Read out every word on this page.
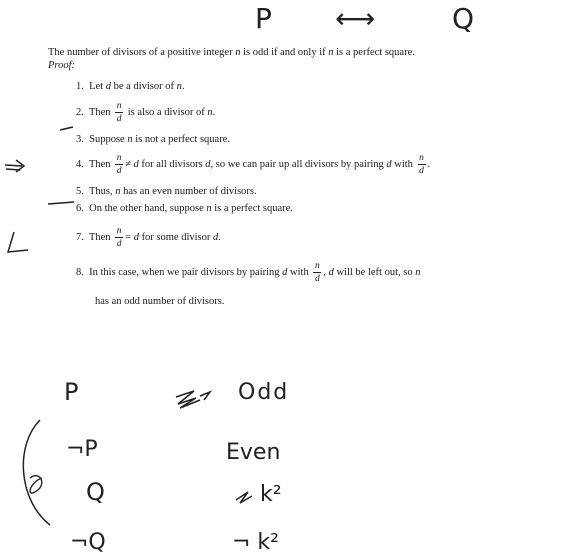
P ⟷	Q
The number of divisors of a positive integer n is odd if and only if n is a perfect square.
Proof:
1. Let d be a divisor of n.
2. Then $\frac{n}{d}$ is also a divisor of n.
3. Suppose n is not a perfect square.
4. Then $\frac{n}{d} \ne d$ for all divisors d, so we can pair up all divisors by pairing d with $\frac{n}{d}$ .
5. Thus, n has an even number of divisors.
6. On the other hand, suppose n is a perfect square.
7. Then $\frac{n}{d} = d$ for some divisor d.
8. In this case, when we pair divisors by pairing d with $\frac{n}{d}$ , d will be left out, so n
has an odd number of divisors.
P	Odd
¬P	Even
Q	k²
¬Q	¬ k²
